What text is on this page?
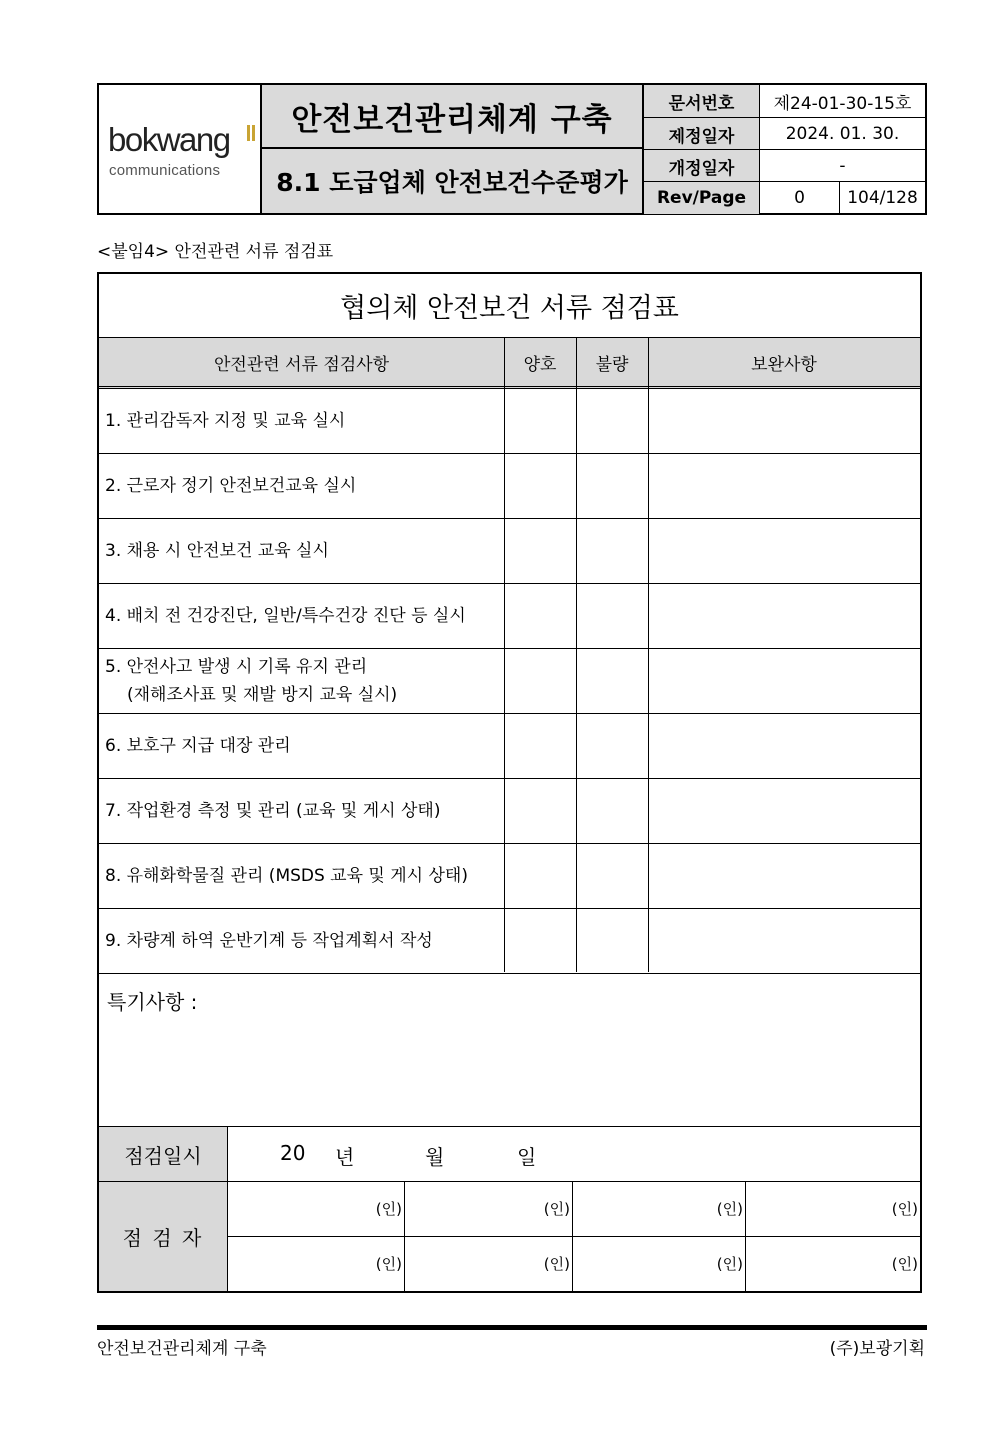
bokwang
communications
안전보건관리체계 구축
8.1 도급업체 안전보건수준평가
문서번호	제24-01-30-15호
제정일자	2024. 01. 30.
개정일자	-
Rev/Page	0	104/128
<붙임4> 안전관련 서류 점검표
협의체 안전보건 서류 점검표
안전관련 서류 점검사항	양호	불량	보완사항
1. 관리감독자 지정 및 교육 실시
2. 근로자 정기 안전보건교육 실시
3. 채용 시 안전보건 교육 실시
4. 배치 전 건강진단, 일반/특수건강 진단 등 실시
5. 안전사고 발생 시 기록 유지 관리
(재해조사표 및 재발 방지 교육 실시)
6. 보호구 지급 대장 관리
7. 작업환경 측정 및 관리 (교육 및 게시 상태)
8. 유해화학물질 관리 (MSDS 교육 및 게시 상태)
9. 차량계 하역 운반기계 등 작업계획서 작성
특기사항 :
점검일시	20 년	월	일
점 검 자
(인)	(인)	(인)	(인)
(인)	(인)	(인)	(인)
안전보건관리체계 구축	(주)보광기획
